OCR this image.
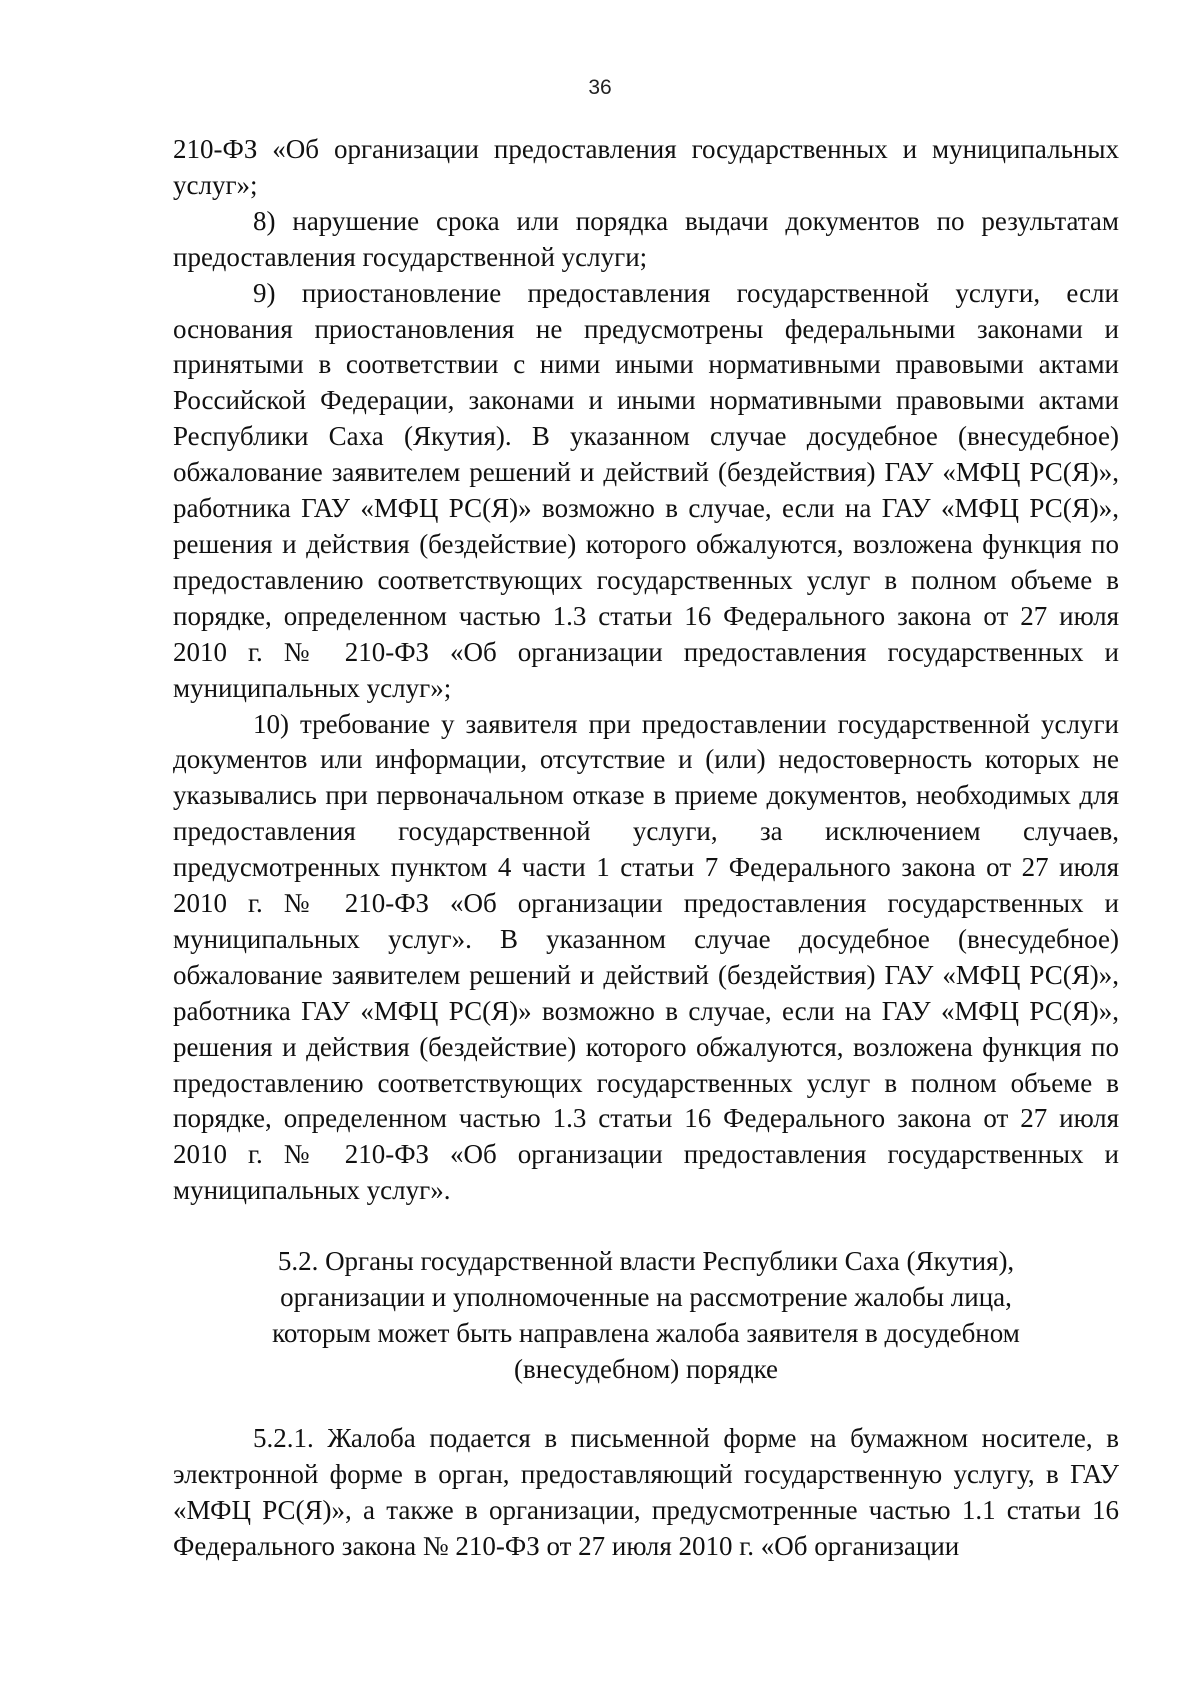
36

210-ФЗ «Об организации предоставления государственных и муниципальных услуг»;

8) нарушение срока или порядка выдачи документов по результатам предоставления государственной услуги;

9) приостановление предоставления государственной услуги, если основания приостановления не предусмотрены федеральными законами и принятыми в соответствии с ними иными нормативными правовыми актами Российской Федерации, законами и иными нормативными правовыми актами Республики Саха (Якутия). В указанном случае досудебное (внесудебное) обжалование заявителем решений и действий (бездействия) ГАУ «МФЦ РС(Я)», работника ГАУ «МФЦ РС(Я)» возможно в случае, если на ГАУ «МФЦ РС(Я)», решения и действия (бездействие) которого обжалуются, возложена функция по предоставлению соответствующих государственных услуг в полном объеме в порядке, определенном частью 1.3 статьи 16 Федерального закона от 27 июля 2010 г. № 210-ФЗ «Об организации предоставления государственных и муниципальных услуг»;

10) требование у заявителя при предоставлении государственной услуги документов или информации, отсутствие и (или) недостоверность которых не указывались при первоначальном отказе в приеме документов, необходимых для предоставления государственной услуги, за исключением случаев, предусмотренных пунктом 4 части 1 статьи 7 Федерального закона от 27 июля 2010 г. № 210-ФЗ «Об организации предоставления государственных и муниципальных услуг». В указанном случае досудебное (внесудебное) обжалование заявителем решений и действий (бездействия) ГАУ «МФЦ РС(Я)», работника ГАУ «МФЦ РС(Я)» возможно в случае, если на ГАУ «МФЦ РС(Я)», решения и действия (бездействие) которого обжалуются, возложена функция по предоставлению соответствующих государственных услуг в полном объеме в порядке, определенном частью 1.3 статьи 16 Федерального закона от 27 июля 2010 г. № 210-ФЗ «Об организации предоставления государственных и муниципальных услуг».

5.2. Органы государственной власти Республики Саха (Якутия), организации и уполномоченные на рассмотрение жалобы лица, которым может быть направлена жалоба заявителя в досудебном (внесудебном) порядке

5.2.1. Жалоба подается в письменной форме на бумажном носителе, в электронной форме в орган, предоставляющий государственную услугу, в ГАУ «МФЦ РС(Я)», а также в организации, предусмотренные частью 1.1 статьи 16 Федерального закона № 210-ФЗ от 27 июля 2010 г. «Об организации
